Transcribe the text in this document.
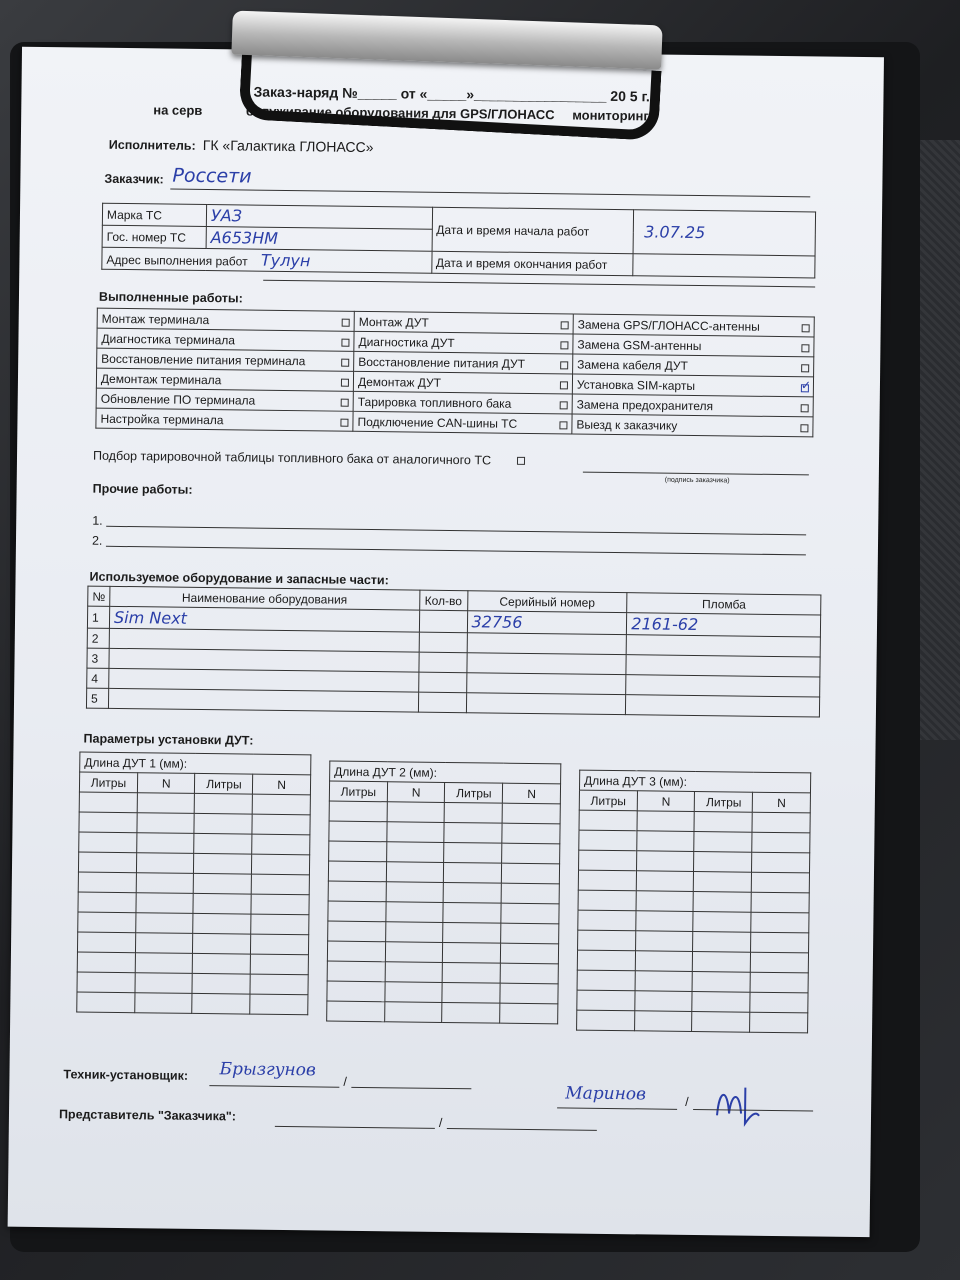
Заказ-наряд №_____ от «_____»_________________ 20 5 г.
на серв	бслуживание оборудования для GPS/ГЛОНАСС мониторинга
Исполнитель: ГК «Галактика ГЛОНАСС»
Заказчик: Россети
Марка ТС	УАЗ	Дата и время начала работ	3.07.25
Гос. номер ТС	А653НМ		
Адрес выполнения работ Тулун		Дата и время окончания работ	
Выполненные работы:
Монтаж терминала	Монтаж ДУТ	Замена GPS/ГЛОНАСС-антенны

Диагностика терминала	Диагностика ДУТ	Замена GSM-антенны

Восстановление питания терминала	Восстановление питания ДУТ	Замена кабеля ДУТ

Демонтаж терминала	Демонтаж ДУТ	Установка SIM-карты
✓

Обновление ПО терминала	Тарировка топливного бака	Замена предохранителя

Настройка терминала	Подключение CAN-шины ТС	Выезд к заказчику
Подбор тарировочной таблицы топливного бака от аналогичного ТС
(подпись заказчика)
Прочие работы:
1.
2.
Используемое оборудование и запасные части:
№	Наименование оборудования	Кол-во	Серийный номер	Пломба
1	Sim Next		32756	2161-62
2				
3				
4				
5				
Параметры установки ДУТ:
Длина ДУТ 1 (мм):			
Литры	N	Литры	N

Длина ДУТ 2 (мм):			
Литры	N	Литры	N

Длина ДУТ 3 (мм):			
Литры	N	Литры	N

Техник-установщик: Брызгунов
/
Представитель "Заказчика":	/
Маринов	/
